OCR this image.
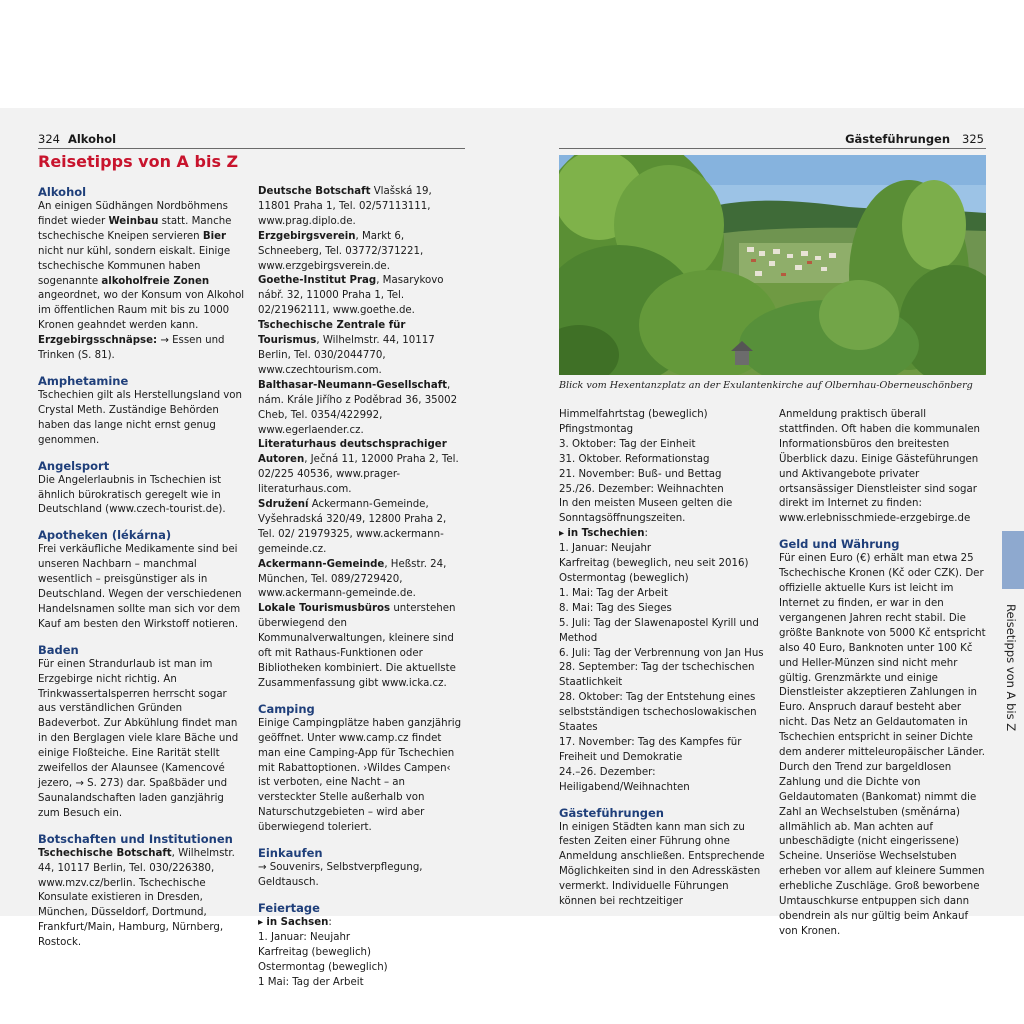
324 Alkohol
Reisetipps von A bis Z

Alkohol

An einigen Südhängen Nordböhmens findet wieder Weinbau statt. Manche tschechische Kneipen servieren Bier nicht nur kühl, sondern eiskalt. Einige tschechische Kommunen haben sogenannte alkoholfreie Zonen angeordnet, wo der Konsum von Alkohol im öffentlichen Raum mit bis zu 1000 Kronen geahndet werden kann. Erzgebirgsschnäpse: → Essen und Trinken (S. 81).

Amphetamine

Tschechien gilt als Herstellungsland von Crystal Meth. Zuständige Behörden haben das lange nicht ernst genug genommen.

Angelsport

Die Angelerlaubnis in Tschechien ist ähnlich bürokratisch geregelt wie in Deutschland (www.czech-tourist.de).

Apotheken (lékárna)

Frei verkäufliche Medikamente sind bei unseren Nachbarn – manchmal wesentlich – preisgünstiger als in Deutschland. Wegen der verschiedenen Handelsnamen sollte man sich vor dem Kauf am besten den Wirkstoff notieren.

Baden

Für einen Strandurlaub ist man im Erzgebirge nicht richtig. An Trinkwassertalsperren herrscht sogar aus verständlichen Gründen Badeverbot. Zur Abkühlung findet man in den Berglagen viele klare Bäche und einige Floßteiche. Eine Rarität stellt zweifellos der Alaunsee (Kamencové jezero, → S. 273) dar. Spaßbäder und Saunalandschaften laden ganzjährig zum Besuch ein.

Botschaften und Institutionen

Tschechische Botschaft, Wilhelmstr. 44, 10117 Berlin, Tel. 030/226380, www.mzv.cz/berlin. Tschechische Konsulate existieren in Dresden, München, Düsseldorf, Dortmund, Frankfurt/Main, Hamburg, Nürnberg, Rostock.

Deutsche Botschaft Vlašská 19, 11801 Praha 1, Tel. 02/57113111, www.prag.diplo.de.

Erzgebirgsverein, Markt 6, Schneeberg, Tel. 03772/371221, www.erzgebirgsverein.de.

Goethe-Institut Prag, Masarykovo nábř. 32, 11000 Praha 1, Tel. 02/21962111, www.goethe.de.

Tschechische Zentrale für Tourismus, Wilhelmstr. 44, 10117 Berlin, Tel. 030/2044770, www.czechtourism.com.

Balthasar-Neumann-Gesellschaft, nám. Krále Jiřího z Poděbrad 36, 35002 Cheb, Tel. 0354/422992, www.egerlaender.cz.

Literaturhaus deutschsprachiger Autoren, Ječná 11, 12000 Praha 2, Tel. 02/225 40536, www.prager-literaturhaus.com.

Sdružení Ackermann-Gemeinde, Vyšehradská 320/49, 12800 Praha 2, Tel. 02/ 21979325, www.ackermann-gemeinde.cz.

Ackermann-Gemeinde, Heßstr. 24, München, Tel. 089/2729420, www.ackermann-gemeinde.de.

Lokale Tourismusbüros unterstehen überwiegend den Kommunalverwaltungen, kleinere sind oft mit Rathaus-Funktionen oder Bibliotheken kombiniert. Die aktuellste Zusammenfassung gibt www.icka.cz.

Camping

Einige Campingplätze haben ganzjährig geöffnet. Unter www.camp.cz findet man eine Camping-App für Tschechien mit Rabattoptionen. ›Wildes Campen‹ ist verboten, eine Nacht – an versteckter Stelle außerhalb von Naturschutzgebieten – wird aber überwiegend toleriert.

Einkaufen

→ Souvenirs, Selbstverpflegung, Geldtausch.

Feiertage

▸ in Sachsen:

1. Januar: Neujahr

Karfreitag (beweglich)

Ostermontag (beweglich)

1 Mai: Tag der Arbeit

Gästeführungen 325
Blick vom Hexentanzplatz an der Exulantenkirche auf Olbernhau-Oberneuschönberg

Himmelfahrtstag (beweglich)

Pfingstmontag

3. Oktober: Tag der Einheit

31. Oktober. Reformationstag

21. November: Buß- und Bettag

25./26. Dezember: Weihnachten

In den meisten Museen gelten die Sonntagsöffnungszeiten.

▸ in Tschechien:

1. Januar: Neujahr

Karfreitag (beweglich, neu seit 2016)

Ostermontag (beweglich)

1. Mai: Tag der Arbeit

8. Mai: Tag des Sieges

5. Juli: Tag der Slawenapostel Kyrill und Method

6. Juli: Tag der Verbrennung von Jan Hus

28. September: Tag der tschechischen Staatlichkeit

28. Oktober: Tag der Entstehung eines selbstständigen tschechoslowakischen Staates

17. November: Tag des Kampfes für Freiheit und Demokratie

24.–26. Dezember: Heiligabend/Weihnachten

Gästeführungen

In einigen Städten kann man sich zu festen Zeiten einer Führung ohne Anmeldung anschließen. Entsprechende Möglichkeiten sind in den Adresskästen vermerkt. Individuelle Führungen können bei rechtzeitiger

Anmeldung praktisch überall stattfinden. Oft haben die kommunalen Informationsbüros den breitesten Überblick dazu. Einige Gästeführungen und Aktivangebote privater ortsansässiger Dienstleister sind sogar direkt im Internet zu finden: www.erlebnisschmiede-erzgebirge.de

Geld und Währung

Für einen Euro (€) erhält man etwa 25 Tschechische Kronen (Kč oder CZK). Der offizielle aktuelle Kurs ist leicht im Internet zu finden, er war in den vergangenen Jahren recht stabil. Die größte Banknote von 5000 Kč entspricht also 40 Euro, Banknoten unter 100 Kč und Heller-Münzen sind nicht mehr gültig. Grenzmärkte und einige Dienstleister akzeptieren Zahlungen in Euro. Anspruch darauf besteht aber nicht. Das Netz an Geldautomaten in Tschechien entspricht in seiner Dichte dem anderer mitteleuropäischer Länder. Durch den Trend zur bargeldlosen Zahlung und die Dichte von Geldautomaten (Bankomat) nimmt die Zahl an Wechselstuben (směnárna) allmählich ab. Man achten auf unbeschädigte (nicht eingerissene) Scheine. Unseriöse Wechselstuben erheben vor allem auf kleinere Summen erhebliche Zuschläge. Groß beworbene Umtauschkurse entpuppen sich dann obendrein als nur gültig beim Ankauf von Kronen.

Reisetipps von A bis Z
